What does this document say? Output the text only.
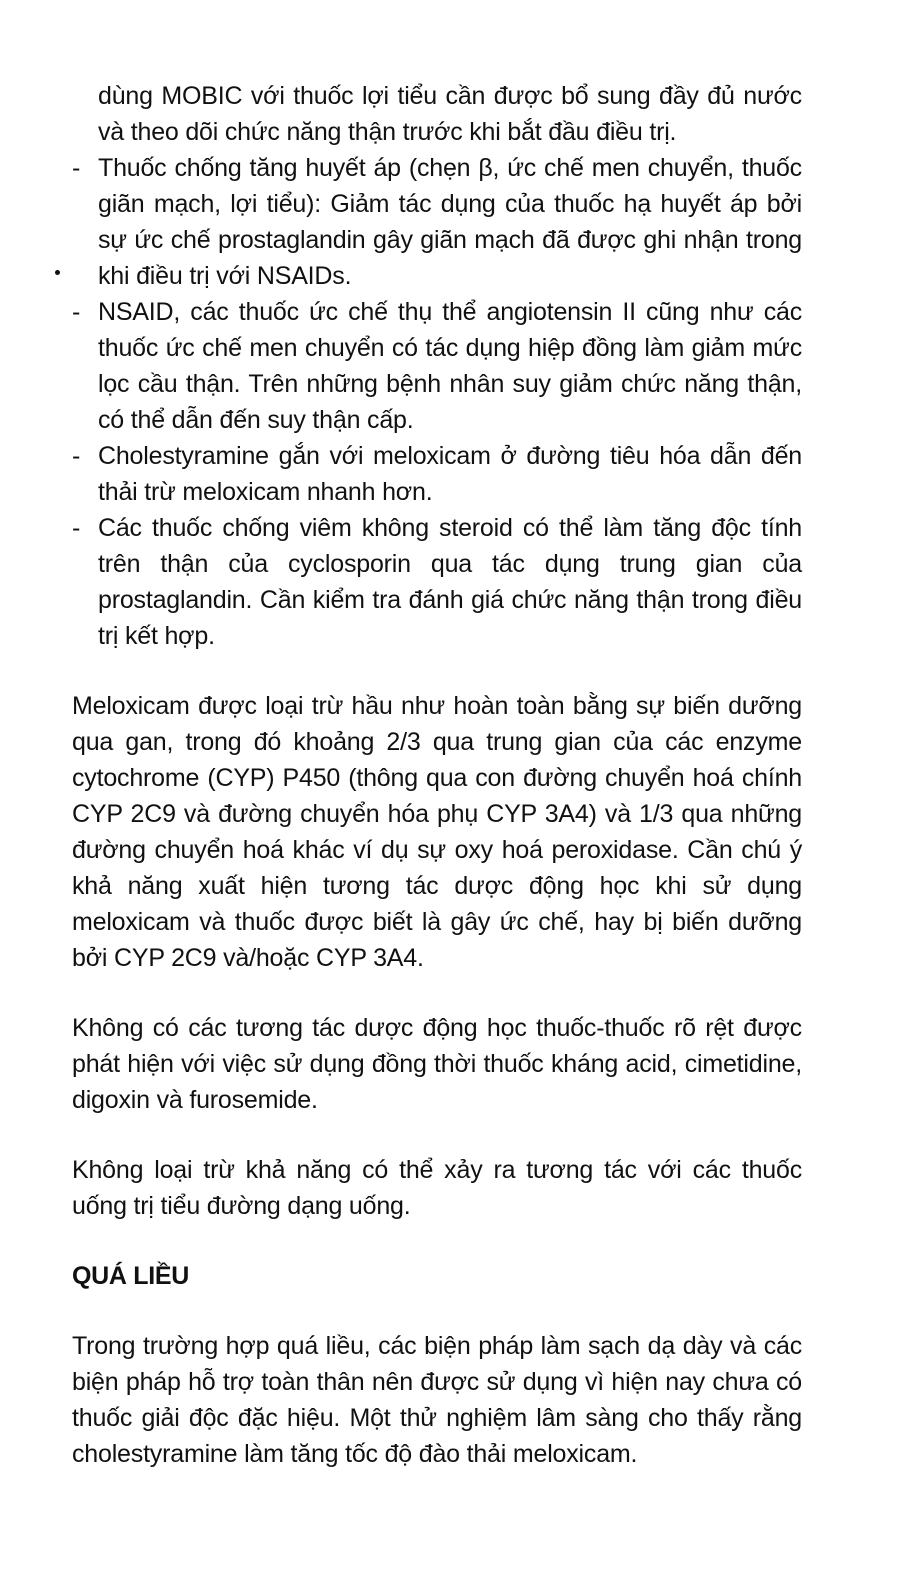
dùng MOBIC với thuốc lợi tiểu cần được bổ sung đầy đủ nước và theo dõi chức năng thận trước khi bắt đầu điều trị.

- Thuốc chống tăng huyết áp (chẹn β, ức chế men chuyển, thuốc giãn mạch, lợi tiểu): Giảm tác dụng của thuốc hạ huyết áp bởi sự ức chế prostaglandin gây giãn mạch đã được ghi nhận trong khi điều trị với NSAIDs.
- NSAID, các thuốc ức chế thụ thể angiotensin II cũng như các thuốc ức chế men chuyển có tác dụng hiệp đồng làm giảm mức lọc cầu thận. Trên những bệnh nhân suy giảm chức năng thận, có thể dẫn đến suy thận cấp.
- Cholestyramine gắn với meloxicam ở đường tiêu hóa dẫn đến thải trừ meloxicam nhanh hơn.
- Các thuốc chống viêm không steroid có thể làm tăng độc tính trên thận của cyclosporin qua tác dụng trung gian của prostaglandin. Cần kiểm tra đánh giá chức năng thận trong điều trị kết hợp.

Meloxicam được loại trừ hầu như hoàn toàn bằng sự biến dưỡng qua gan, trong đó khoảng 2/3 qua trung gian của các enzyme cytochrome (CYP) P450 (thông qua con đường chuyển hoá chính CYP 2C9 và đường chuyển hóa phụ CYP 3A4) và 1/3 qua những đường chuyển hoá khác ví dụ sự oxy hoá peroxidase. Cần chú ý khả năng xuất hiện tương tác dược động học khi sử dụng meloxicam và thuốc được biết là gây ức chế, hay bị biến dưỡng bởi CYP 2C9 và/hoặc CYP 3A4.

Không có các tương tác dược động học thuốc-thuốc rõ rệt được phát hiện với việc sử dụng đồng thời thuốc kháng acid, cimetidine, digoxin và furosemide.

Không loại trừ khả năng có thể xảy ra tương tác với các thuốc uống trị tiểu đường dạng uống.

QUÁ LIỀU

Trong trường hợp quá liều, các biện pháp làm sạch dạ dày và các biện pháp hỗ trợ toàn thân nên được sử dụng vì hiện nay chưa có thuốc giải độc đặc hiệu. Một thử nghiệm lâm sàng cho thấy rằng cholestyramine làm tăng tốc độ đào thải meloxicam.
